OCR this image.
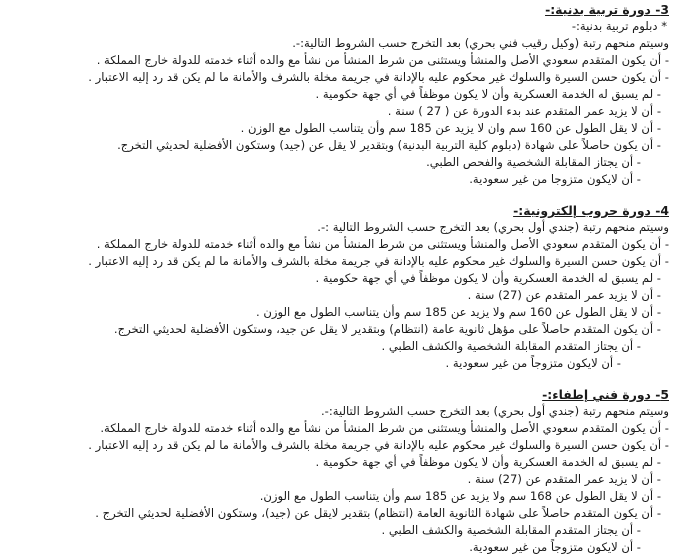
3- دورة تربية بدنية:-
* دبلوم تربية بدنية:-
وسيتم منحهم رتبة (وكيل رقيب فني بحري) بعد التخرج حسب الشروط التالية:-.
- أن يكون المتقدم سعودي الأصل والمنشأ ويستثنى من شرط المنشأ من نشأ مع والده أثناء خدمته للدولة خارج المملكة .
- أن يكون حسن السيرة والسلوك غير محكوم عليه بالإدانة في جريمة مخلة بالشرف والأمانة ما لم يكن قد رد إليه الاعتبار .
- لم يسبق له الخدمة العسكرية وأن لا يكون موظفاً في أي جهة حكومية .
- أن لا يزيد عمر المتقدم عند بدء الدورة عن ( 27 ) سنة .
- أن لا يقل الطول عن 160 سم وان لا يزيد عن 185 سم وأن يتناسب الطول مع الوزن .
- أن يكون حاصلاً على شهادة (دبلوم كلية التربية البدنية) وبتقدير لا يقل عن (جيد) وستكون الأفضلية لحديثي التخرج.
- أن يجتاز المقابلة الشخصية والفحص الطبي.
- أن لايكون متزوجا من غير سعودية.
4- دورة حروب إلكترونية:-
وسيتم منحهم رتبة (جندي أول بحري) بعد التخرج حسب الشروط التالية :-.
- أن يكون المتقدم سعودي الأصل والمنشأ ويستثنى من شرط المنشأ من نشأ مع والده أثناء خدمته للدولة خارج المملكة .
- أن يكون حسن السيرة والسلوك غير محكوم عليه بالإدانة في جريمة مخلة بالشرف والأمانة ما لم يكن قد رد إليه الاعتبار .
- لم يسبق له الخدمة العسكرية وأن لا يكون موظفاً في أي جهة حكومية .
- أن لا يزيد عمر المتقدم عن (27) سنة .
- أن لا يقل الطول عن 160 سم ولا يزيد عن 185 سم وأن يتناسب الطول مع الوزن .
- أن يكون المتقدم حاصلاً على مؤهل ثانوية عامة (انتظام) وبتقدير لا يقل عن جيد، وستكون الأفضلية لحديثي التخرج.
- أن يجتاز المتقدم المقابلة الشخصية والكشف الطبي .
- أن لايكون متزوجاً من غير سعودية .
5- دورة فني إطفاء:-
وسيتم منحهم رتبة (جندي أول بحري) بعد التخرج حسب الشروط التالية:-.
- أن يكون المتقدم سعودي الأصل والمنشأ ويستثنى من شرط المنشأ من نشأ مع والده أثناء خدمته للدولة خارج المملكة.
- أن يكون حسن السيرة والسلوك غير محكوم عليه بالإدانة في جريمة مخلة بالشرف والأمانة ما لم يكن قد رد إليه الاعتبار .
- لم يسبق له الخدمة العسكرية وأن لا يكون موظفاً في أي جهة حكومية .
- أن لا يزيد عمر المتقدم عن (27) سنة .
- أن لا يقل الطول عن 168 سم ولا يزيد عن 185 سم وأن يتناسب الطول مع الوزن.
- أن يكون المتقدم حاصلاً على شهادة الثانوية العامة (انتظام) بتقدير لايقل عن (جيد)، وستكون الأفضلية لحديثي التخرج .
- أن يجتاز المتقدم المقابلة الشخصية والكشف الطبي .
- أن لايكون متزوجاً من غير سعودية.
